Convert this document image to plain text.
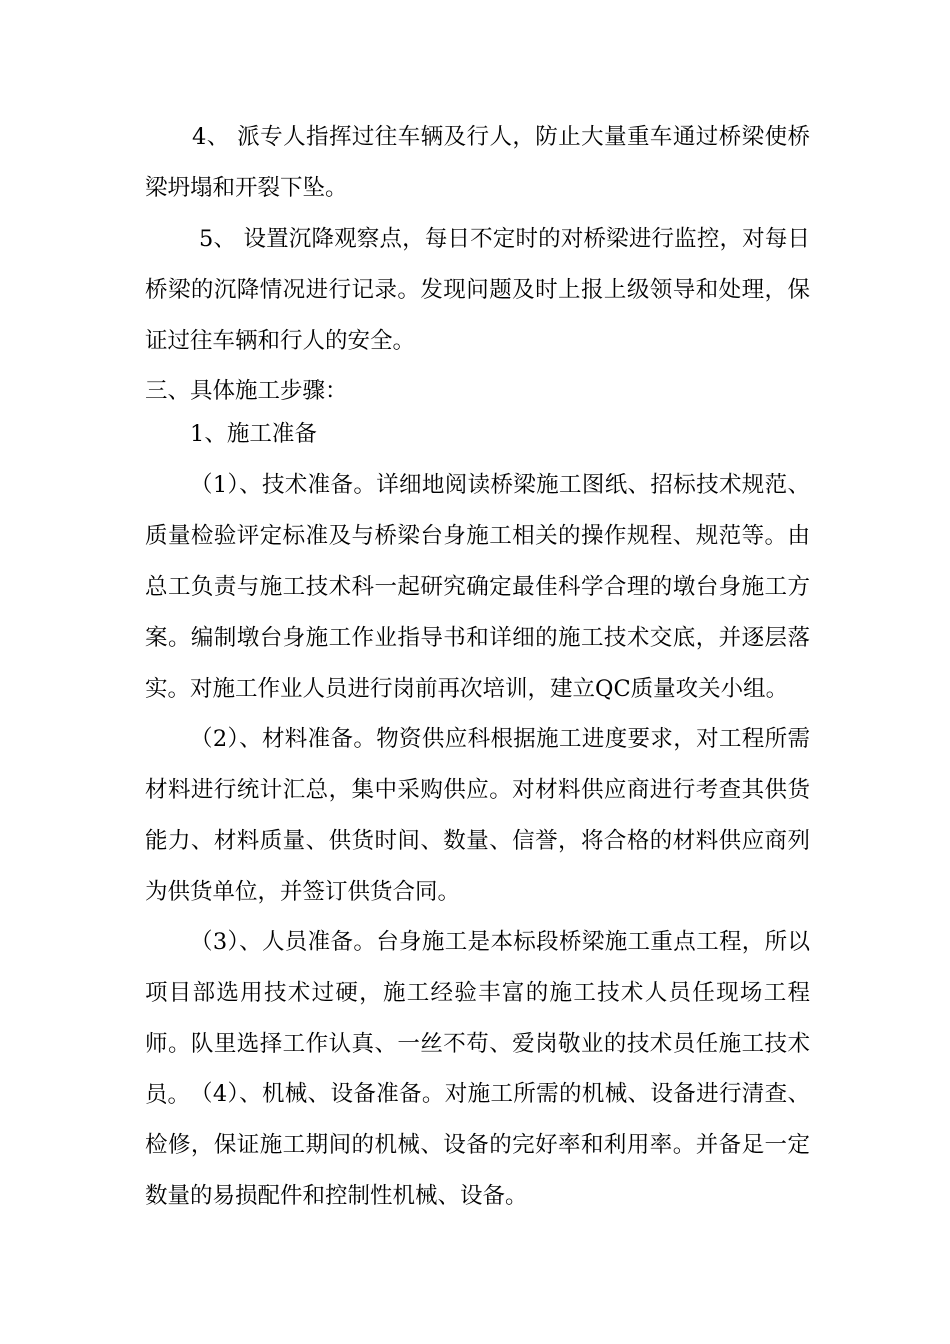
4、 派专人指挥过往车辆及行人，防止大量重车通过桥梁使桥梁坍塌和开裂下坠。

5、 设置沉降观察点，每日不定时的对桥梁进行监控，对每日桥梁的沉降情况进行记录。发现问题及时上报上级领导和处理，保证过往车辆和行人的安全。

三、具体施工步骤：

1、施工准备

（1）、技术准备。详细地阅读桥梁施工图纸、招标技术规范、质量检验评定标准及与桥梁台身施工相关的操作规程、规范等。由总工负责与施工技术科一起研究确定最佳科学合理的墩台身施工方案。编制墩台身施工作业指导书和详细的施工技术交底，并逐层落实。对施工作业人员进行岗前再次培训，建立QC质量攻关小组。

（2）、材料准备。物资供应科根据施工进度要求，对工程所需材料进行统计汇总，集中采购供应。对材料供应商进行考查其供货能力、材料质量、供货时间、数量、信誉，将合格的材料供应商列为供货单位，并签订供货合同。

（3）、人员准备。台身施工是本标段桥梁施工重点工程，所以项目部选用技术过硬，施工经验丰富的施工技术人员任现场工程师。队里选择工作认真、一丝不苟、爱岗敬业的技术员任施工技术员。 （4）、机械、设备准备。对施工所需的机械、设备进行清查、检修，保证施工期间的机械、设备的完好率和利用率。并备足一定数量的易损配件和控制性机械、设备。
